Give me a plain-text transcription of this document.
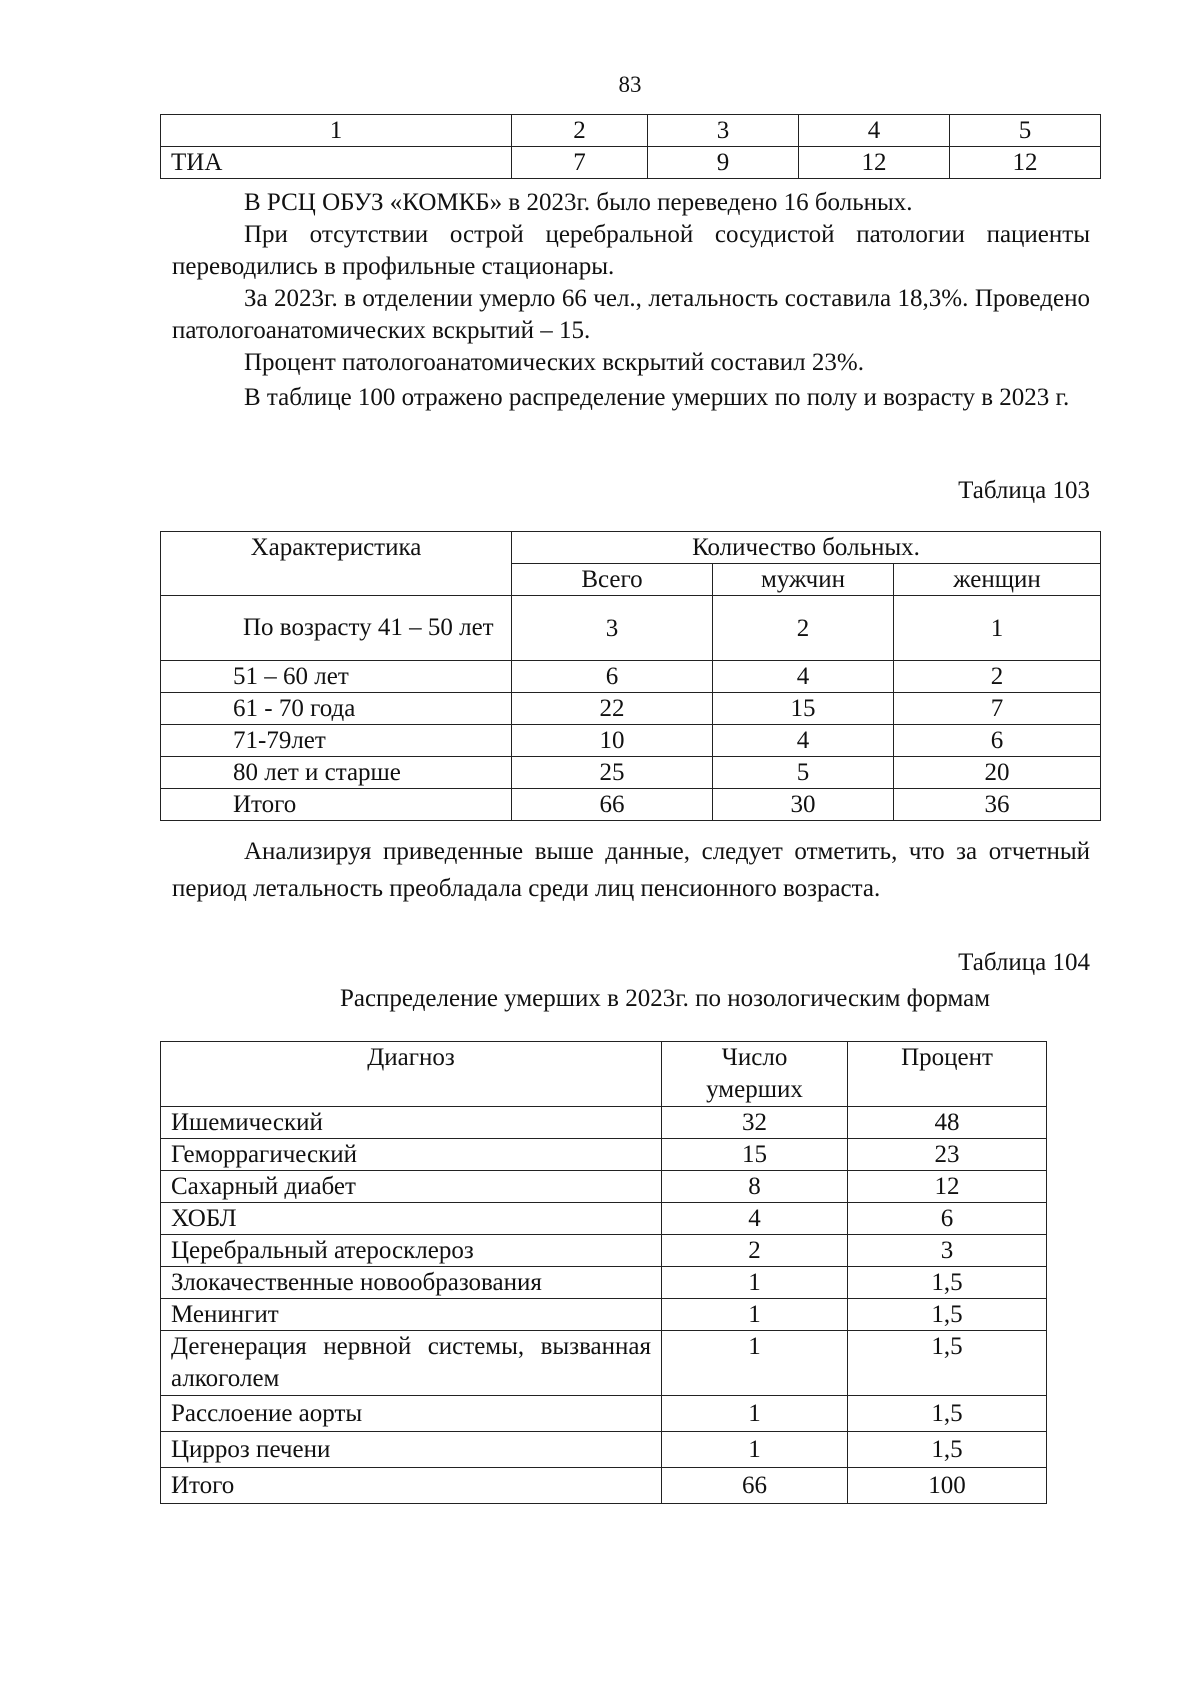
83
1	2	3	4	5
ТИА	7	9	12	12

В РСЦ ОБУЗ «КОМКБ» в 2023г. было переведено 16 больных.

При отсутствии острой церебральной сосудистой патологии пациенты переводились в профильные стационары.

За 2023г. в отделении умерло 66 чел., летальность составила 18,3%. Проведено патологоанатомических вскрытий – 15.

Процент патологоанатомических вскрытий составил 23%.

В таблице 100 отражено распределение умерших по полу и возрасту в 2023 г.

Таблица 103
Характеристика	Количество больных.		
	Всего	мужчин	женщин
По возрасту 41 – 50 лет	3	2	1
51 – 60 лет	6	4	2
61 - 70 года	22	15	7
71-79лет	10	4	6
80 лет и старше	25	5	20
Итого	66	30	36

Анализируя приведенные выше данные, следует отметить, что за отчетный период летальность преобладала среди лиц пенсионного возраста.

Таблица 104
Распределение умерших в 2023г. по нозологическим формам
Диагноз	Число умерших	Процент
Ишемический	32	48
Геморрагический	15	23
Сахарный диабет	8	12
ХОБЛ	4	6
Церебральный атеросклероз	2	3
Злокачественные новообразования	1	1,5
Менингит	1	1,5
Дегенерация нервной системы, вызванная алкоголем	1	1,5
Расслоение аорты	1	1,5
Цирроз печени	1	1,5
Итого	66	100
